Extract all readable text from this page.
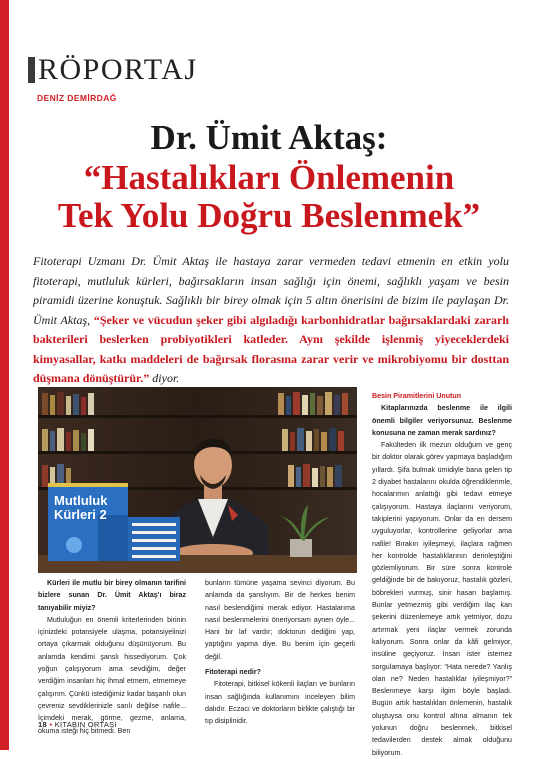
RÖPORTAJ
DENİZ DEMİRDAĞ
Dr. Ümit Aktaş:
“Hastalıkları Önlemenin
Tek Yolu Doğru Beslenmek”
Fitoterapi Uzmanı Dr. Ümit Aktaş ile hastaya zarar vermeden tedavi etmenin en etkin yolu fitoterapi, mutluluk kürleri, bağırsakların insan sağlığı için önemi, sağlıklı yaşam ve besin piramidi üzerine konuştuk. Sağlıklı bir birey olmak için 5 altın önerisini de bizim ile paylaşan Dr. Ümit Aktaş, “Şeker ve vücudun şeker gibi algıladığı karbonhidratlar bağırsaklardaki zararlı bakterileri beslerken probiyotikleri katleder. Aynı şekilde işlenmiş yiyeceklerdeki kimyasallar, katkı maddeleri de bağırsak florasına zarar verir ve mikrobiyomu bir dosttan düşmana dönüştürür.” diyor.
Mutluluk
Kürleri 2

Kürleri ile mutlu bir birey olmanın tarifini bizlere sunan Dr. Ümit Aktaş'ı biraz tanıyabilir miyiz?

Mutluluğun en önemli kriterlerinden birinin içinizdeki potansiyele ulaşma, potansiyelinizi ortaya çıkarmak olduğunu düşünüyorum. Bu anlamda kendimi şanslı hissediyorum. Çok yoğun çalışıyorum ama sevdiğim, değer verdiğim insanları hiç ihmal etmem, etmemeye çalışırım. Çünkü istediğimiz kadar başarılı olun çevreniz sevdiklerinizle sarılı değilse nafile... İçimdeki merak, görme, gezme, anlama, okuma isteği hiç bitmedi. Ben

bunların tümüne yaşama sevinci diyorum. Bu anlamda da şanslıyım. Bir de herkes benim nasıl beslendiğimi merak ediyor. Hastalarıma nasıl beslenmelerini öneriyorsam aynen öyle... Hani bir laf vardır; doktorun dediğini yap, yaptığını yapma diye. Bu benim için geçerli değil.

Fitoterapi nedir?

Fitoterapi, bitkisel kökenli ilaçları ve bunların insan sağlığında kullanımını inceleyen bilim dalıdır. Eczacı ve doktorların birlikte çalıştığı bir tıp disiplinidir.

Besin Piramitlerini Unutun

Kitaplarınızda beslenme ile ilgili önemli bilgiler veriyorsunuz. Beslenme konusuna ne zaman merak sardınız?

Fakülteden ilk mezun olduğum ve genç bir doktor olarak görev yapmaya başladığım yıllardı. Şifa bulmak ümidiyle bana gelen tip 2 diyabet hastalarını okulda öğrendiklerimle, hocalarımın anlattığı gibi tedavi etmeye çalışıyorum. Hastaya ilaçlarını veriyorum, takiplerini yapıyorum. Onlar da en dersem uyguluyorlar, kontrollerine geliyorlar ama nafile! Bırakın iyileşmeyi, ilaçlara rağmen her kontrolde hastalıklarının derinleştiğini gözlemliyorum. Bir süre sonra kontrole geldiğinde bir de bakıyoruz, hastalık gözleri, böbrekleri vurmuş, sinir hasarı başlamış. Bunlar yetmezmiş gibi verdiğim ilaç kan şekerini düzenlemeye artık yetmiyor, dozu artırmak yeni ilaçlar vermek zorunda kalıyorum. Sonra onlar da kâfi gelmiyor, insüline geçiyoruz. İnsan ister istemez sorgulamaya başlıyor: “Hata nerede? Yanlış olan ne? Neden hastalıklar iyileşmiyor?” Beslenmeye karşı ilgim böyle başladı. Bugün artık hastalıkları önlemenin, hastalık oluştuysa onu kontrol altına almanın tek yolunun doğru beslenmek, bitkisel tedavilerden destek almak olduğunu biliyorum.

18 ▪ KİTABIN ORTASI
